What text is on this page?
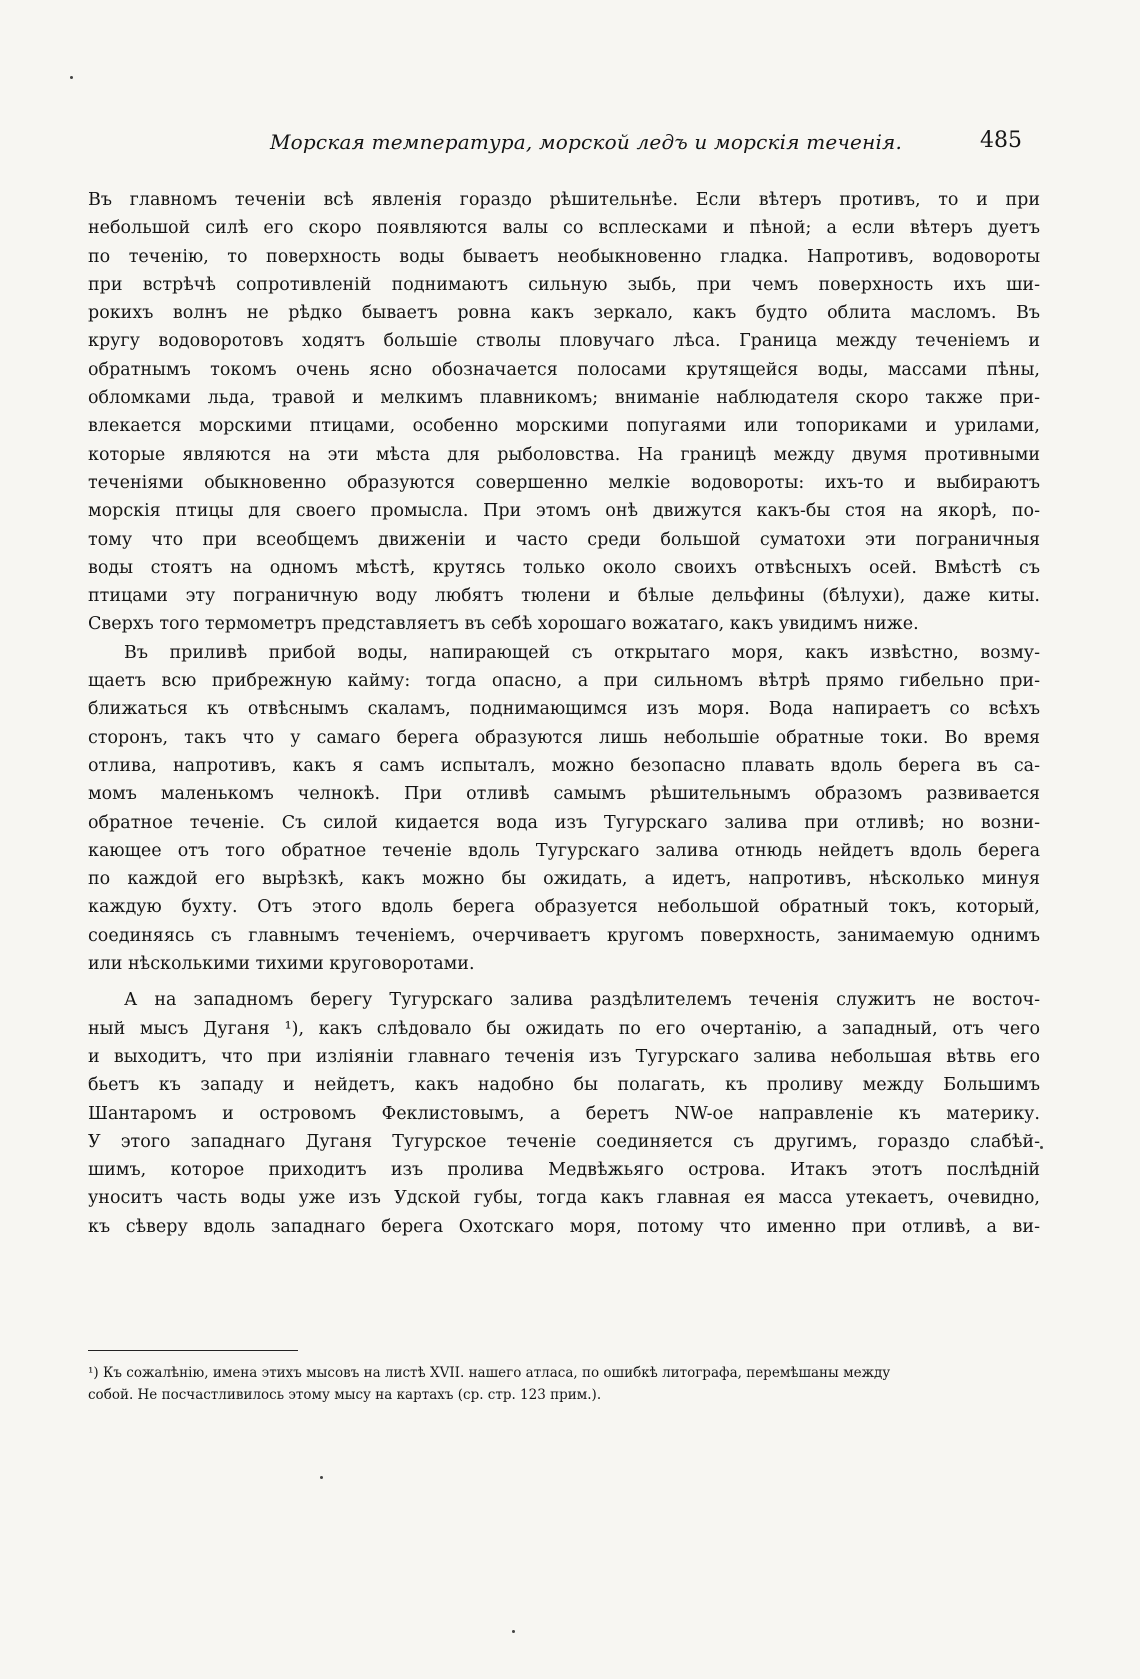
Морская температура, морской ледъ и морскія теченія.	485
Въ главномъ теченіи всѣ явленія гораздо рѣшительнѣе. Если вѣтеръ противъ, то и при
небольшой силѣ его скоро появляются валы со всплесками и пѣной; а если вѣтеръ дуетъ
по теченію, то поверхность воды бываетъ необыкновенно гладка. Напротивъ, водовороты
при встрѣчѣ сопротивленій поднимаютъ сильную зыбь, при чемъ поверхность ихъ ши-
рокихъ волнъ не рѣдко бываетъ ровна какъ зеркало, какъ будто облита масломъ. Въ
кругу водоворотовъ ходятъ большіе стволы пловучаго лѣса. Граница между теченіемъ и
обратнымъ токомъ очень ясно обозначается полосами крутящейся воды, массами пѣны,
обломками льда, травой и мелкимъ плавникомъ; вниманіе наблюдателя скоро также при-
влекается морскими птицами, особенно морскими попугаями или топориками и урилами,
которые являются на эти мѣста для рыболовства. На границѣ между двумя противными
теченіями обыкновенно образуются совершенно мелкіе водовороты: ихъ-то и выбираютъ
морскія птицы для своего промысла. При этомъ онѣ движутся какъ-бы стоя на якорѣ, по-
тому что при всеобщемъ движеніи и часто среди большой суматохи эти пограничныя
воды стоятъ на одномъ мѣстѣ, крутясь только около своихъ отвѣсныхъ осей. Вмѣстѣ съ
птицами эту пограничную воду любятъ тюлени и бѣлые дельфины (бѣлухи), даже киты.
Сверхъ того термометръ представляетъ въ себѣ хорошаго вожатаго, какъ увидимъ ниже.
Въ приливѣ прибой воды, напирающей съ открытаго моря, какъ извѣстно, возму-
щаетъ всю прибрежную кайму: тогда опасно, а при сильномъ вѣтрѣ прямо гибельно при-
ближаться къ отвѣснымъ скаламъ, поднимающимся изъ моря. Вода напираетъ со всѣхъ
сторонъ, такъ что у самаго берега образуются лишь небольшіе обратные токи. Во время
отлива, напротивъ, какъ я самъ испыталъ, можно безопасно плавать вдоль берега въ са-
момъ маленькомъ челнокѣ. При отливѣ самымъ рѣшительнымъ образомъ развивается
обратное теченіе. Съ силой кидается вода изъ Тугурскаго залива при отливѣ; но возни-
кающее отъ того обратное теченіе вдоль Тугурскаго залива отнюдь нейдетъ вдоль берега
по каждой его вырѣзкѣ, какъ можно бы ожидать, а идетъ, напротивъ, нѣсколько минуя
каждую бухту. Отъ этого вдоль берега образуется небольшой обратный токъ, который,
соединяясь съ главнымъ теченіемъ, очерчиваетъ кругомъ поверхность, занимаемую однимъ
или нѣсколькими тихими круговоротами.
А на западномъ берегу Тугурскаго залива раздѣлителемъ теченія служитъ не восточ-
ный мысъ Дуганя ¹), какъ слѣдовало бы ожидать по его очертанію, а западный, отъ чего
и выходитъ, что при изліяніи главнаго теченія изъ Тугурскаго залива небольшая вѣтвь его
бьетъ къ западу и нейдетъ, какъ надобно бы полагать, къ проливу между Большимъ
Шантаромъ и островомъ Феклистовымъ, а беретъ NW-ое направленіе къ материку.
У этого западнаго Дуганя Тугурское теченіе соединяется съ другимъ, гораздо слабѣй-
шимъ, которое приходитъ изъ пролива Медвѣжьяго острова. Итакъ этотъ послѣдній
уноситъ часть воды уже изъ Удской губы, тогда какъ главная ея масса утекаетъ, очевидно,
къ сѣверу вдоль западнаго берега Охотскаго моря, потому что именно при отливѣ, а ви-
¹) Къ сожалѣнію, имена этихъ мысовъ на листѣ XVII. нашего атласа, по ошибкѣ литографа, перемѣшаны между
собой. Не посчастливилось этому мысу на картахъ (ср. стр. 123 прим.).
